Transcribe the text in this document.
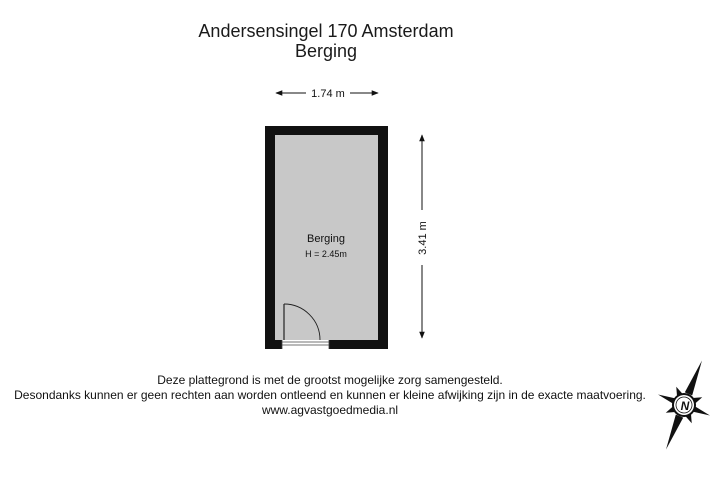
Andersensingel 170 Amsterdam
Berging
1.74 m
3.41 m
Berging
H = 2.45m
N
Deze plattegrond is met de grootst mogelijke zorg samengesteld.
Desondanks kunnen er geen rechten aan worden ontleend en kunnen er kleine afwijking zijn in de exacte maatvoering.
www.agvastgoedmedia.nl
